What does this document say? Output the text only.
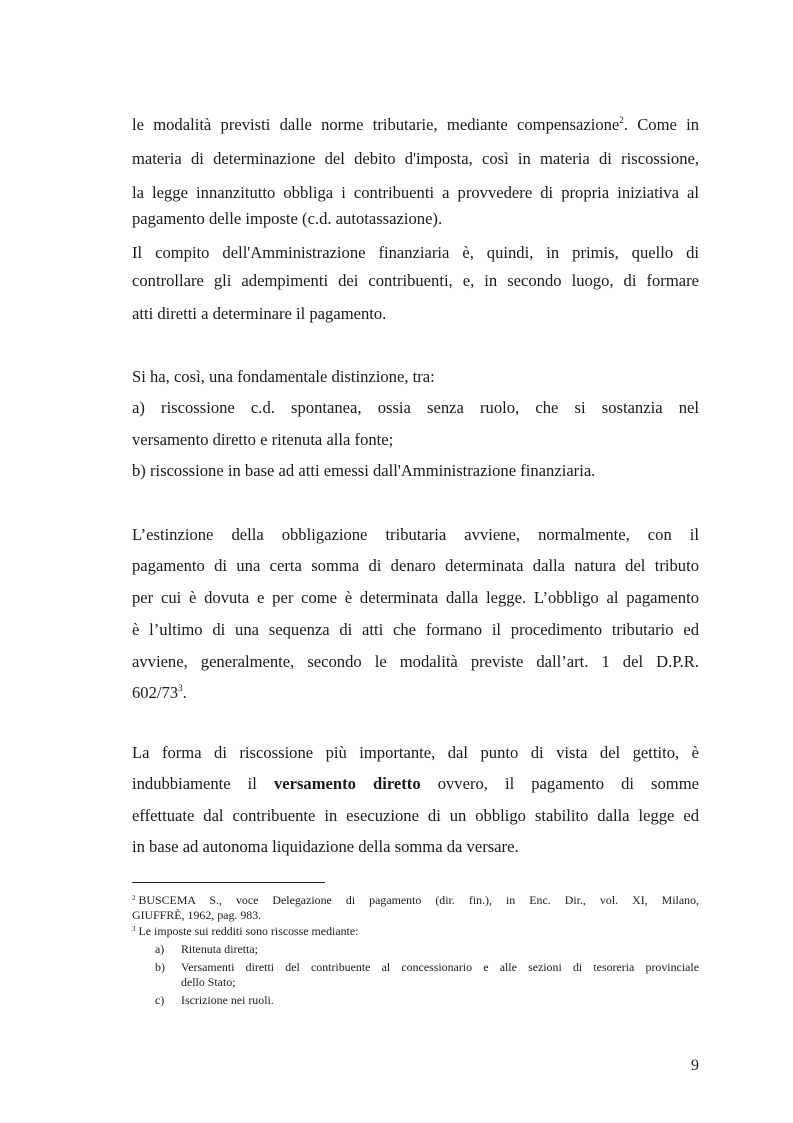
le modalità previsti dalle norme tributarie, mediante compensazione$^2$. Come in
materia di determinazione del debito d'imposta, così in materia di riscossione,
la legge innanzitutto obbliga i contribuenti a provvedere di propria iniziativa al
pagamento delle imposte (c.d. autotassazione).
Il compito dell'Amministrazione finanziaria è, quindi, in primis, quello di
controllare gli adempimenti dei contribuenti, e, in secondo luogo, di formare
atti diretti a determinare il pagamento.
Si ha, così, una fondamentale distinzione, tra:
a) riscossione c.d. spontanea, ossia senza ruolo, che si sostanzia nel
versamento diretto e ritenuta alla fonte;
b) riscossione in base ad atti emessi dall'Amministrazione finanziaria.
L’estinzione della obbligazione tributaria avviene, normalmente, con il
pagamento di una certa somma di denaro determinata dalla natura del tributo
per cui è dovuta e per come è determinata dalla legge. L’obbligo al pagamento
è l’ultimo di una sequenza di atti che formano il procedimento tributario ed
avviene, generalmente, secondo le modalità previste dall’art. 1 del D.P.R.
$602/73^3$.
La forma di riscossione più importante, dal punto di vista del gettito, è
indubbiamente il versamento diretto ovvero, il pagamento di somme
effettuate dal contribuente in esecuzione di un obbligo stabilito dalla legge ed
in base ad autonoma liquidazione della somma da versare.
$^2$ BUSCEMA S., voce Delegazione di pagamento (dir. fin.), in Enc. Dir., vol. XI, Milano,
GIUFFRÈ, 1962, pag. 983.
$^3$ Le imposte sui redditi sono riscosse mediante:
a) Ritenuta diretta;
b) Versamenti diretti del contribuente al concessionario e alle sezioni di tesoreria provinciale
dello Stato;
c) Iscrizione nei ruoli.
9
